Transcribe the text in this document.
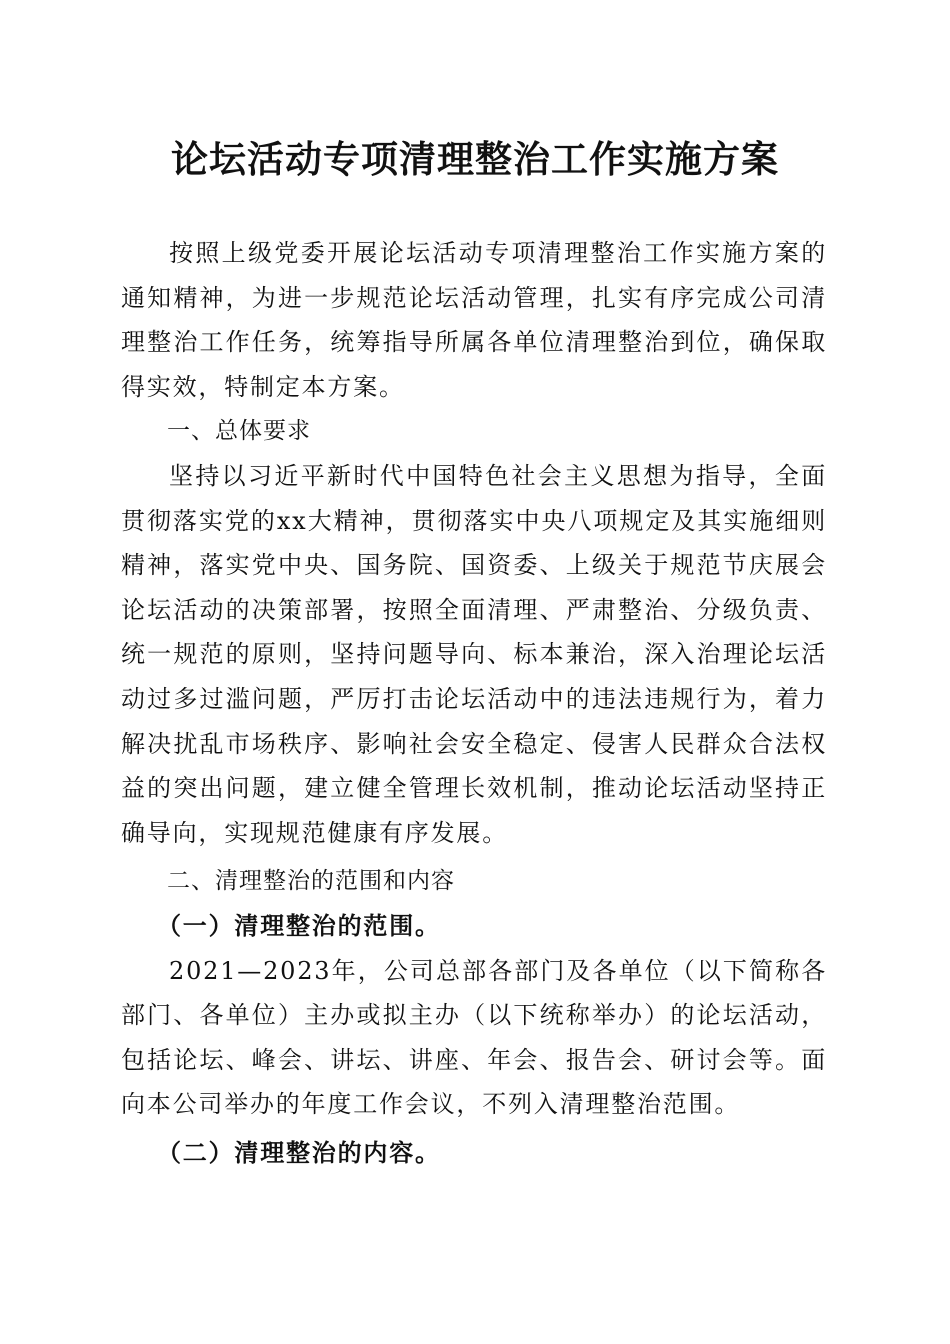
论坛活动专项清理整治工作实施方案

按照上级党委开展论坛活动专项清理整治工作实施方案的通知精神，为进一步规范论坛活动管理，扎实有序完成公司清理整治工作任务，统筹指导所属各单位清理整治到位，确保取得实效，特制定本方案。

一、总体要求

坚持以习近平新时代中国特色社会主义思想为指导，全面贯彻落实党的xx大精神，贯彻落实中央八项规定及其实施细则精神，落实党中央、国务院、国资委、上级关于规范节庆展会论坛活动的决策部署，按照全面清理、严肃整治、分级负责、统一规范的原则，坚持问题导向、标本兼治，深入治理论坛活动过多过滥问题，严厉打击论坛活动中的违法违规行为，着力解决扰乱市场秩序、影响社会安全稳定、侵害人民群众合法权益的突出问题，建立健全管理长效机制，推动论坛活动坚持正确导向，实现规范健康有序发展。

二、清理整治的范围和内容
（一）清理整治的范围。

2021—2023年，公司总部各部门及各单位（以下简称各部门、各单位）主办或拟主办（以下统称举办）的论坛活动，包括论坛、峰会、讲坛、讲座、年会、报告会、研讨会等。面向本公司举办的年度工作会议，不列入清理整治范围。

（二）清理整治的内容。
